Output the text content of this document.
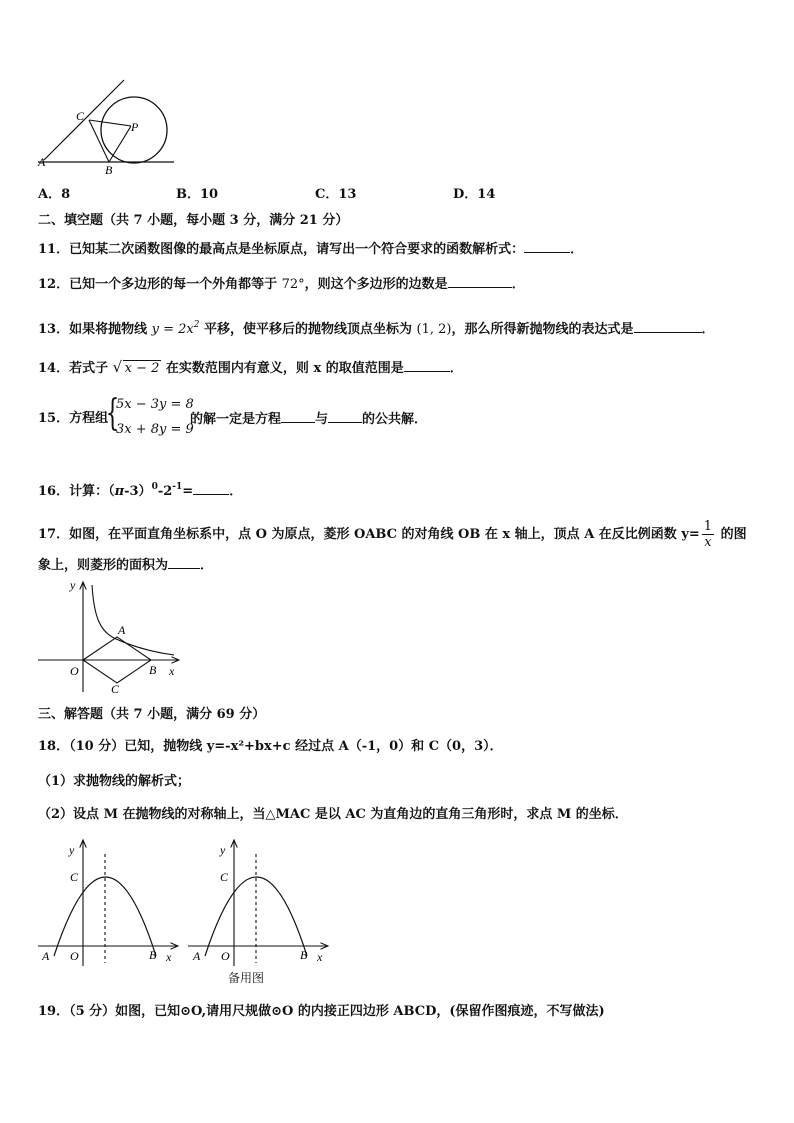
C
P
A
B
A．8	B．10	C．13	D．14
二、填空题（共 7 小题，每小题 3 分，满分 21 分）
11．已知某二次函数图像的最高点是坐标原点，请写出一个符合要求的函数解析式：	．
12．已知一个多边形的每一个外角都等于 72°，则这个多边形的边数是	．
13．如果将抛物线 $y = 2x^2$ 平移，使平移后的抛物线顶点坐标为 (1, 2)，那么所得新抛物线的表达式是	．
14．若式子 √ x − 2 在实数范围内有意义，则 x 的取值范围是	．
15．方程组
{
5x − 3y = 8
3x + 8y = 9
的解一定是方程	与	的公共解．
16．计算：$(\pi-3)^0-2^{-1}=$	．
17．如图，在平面直角坐标系中，点 O 为原点，菱形 OABC 的对角线 OB 在 x 轴上，顶点 A 在反比例函数 $y= \frac{1}{x}$ 的图
象上，则菱形的面积为 ．
y
A
O	B x
C
三、解答题（共 7 小题，满分 69 分）
18．（10 分）已知，抛物线 y=-x²+bx+c 经过点 A（-1，0）和 C（0，3）．
（1）求抛物线的解析式；
（2）设点 M 在抛物线的对称轴上，当△MAC 是以 AC 为直角边的直角三角形时，求点 M 的坐标．
y
C
A O	B x
y
C
A O	B x
备用图
19．（5 分）如图，已知⊙O,请用尺规做⊙O 的内接正四边形 ABCD，(保留作图痕迹，不写做法)
